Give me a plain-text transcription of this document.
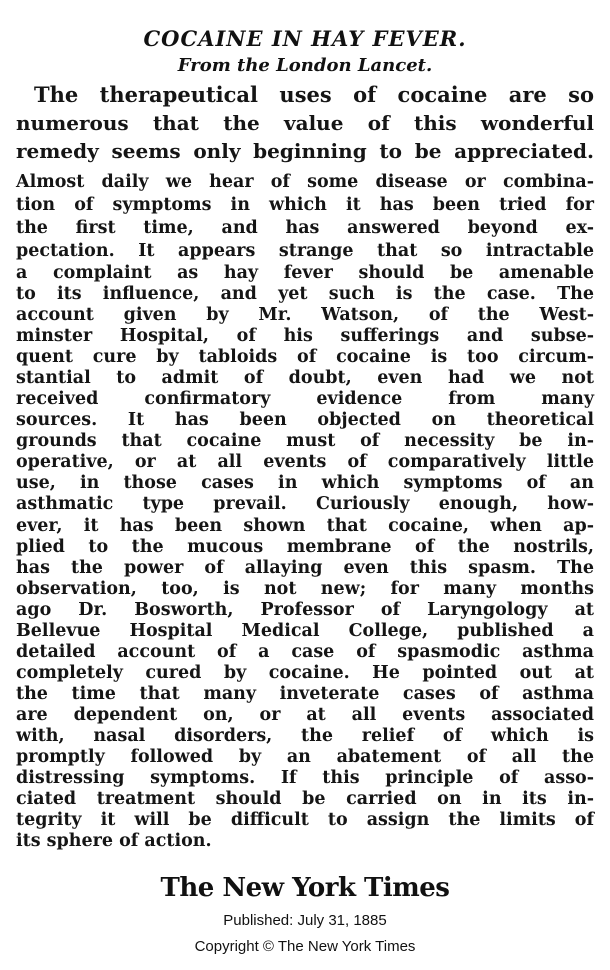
COCAINE IN HAY FEVER.
From the London Lancet.
The therapeutical uses of cocaine are so
numerous that the value of this wonderful
remedy seems only beginning to be appreciated.
Almost daily we hear of some disease or combina-
tion of symptoms in which it has been tried for
the first time, and has answered beyond ex-
pectation. It appears strange that so intractable
a complaint as hay fever should be amenable
to its influence, and yet such is the case. The
account given by Mr. Watson, of the West-
minster Hospital, of his sufferings and subse-
quent cure by tabloids of cocaine is too circum-
stantial to admit of doubt, even had we not
received confirmatory evidence from many
sources. It has been objected on theoretical
grounds that cocaine must of necessity be in-
operative, or at all events of comparatively little
use, in those cases in which symptoms of an
asthmatic type prevail. Curiously enough, how-
ever, it has been shown that cocaine, when ap-
plied to the mucous membrane of the nostrils,
has the power of allaying even this spasm. The
observation, too, is not new; for many months
ago Dr. Bosworth, Professor of Laryngology at
Bellevue Hospital Medical College, published a
detailed account of a case of spasmodic asthma
completely cured by cocaine. He pointed out at
the time that many inveterate cases of asthma
are dependent on, or at all events associated
with, nasal disorders, the relief of which is
promptly followed by an abatement of all the
distressing symptoms. If this principle of asso-
ciated treatment should be carried on in its in-
tegrity it will be difficult to assign the limits of
its sphere of action.
The New York Times
Published: July 31, 1885
Copyright © The New York Times
